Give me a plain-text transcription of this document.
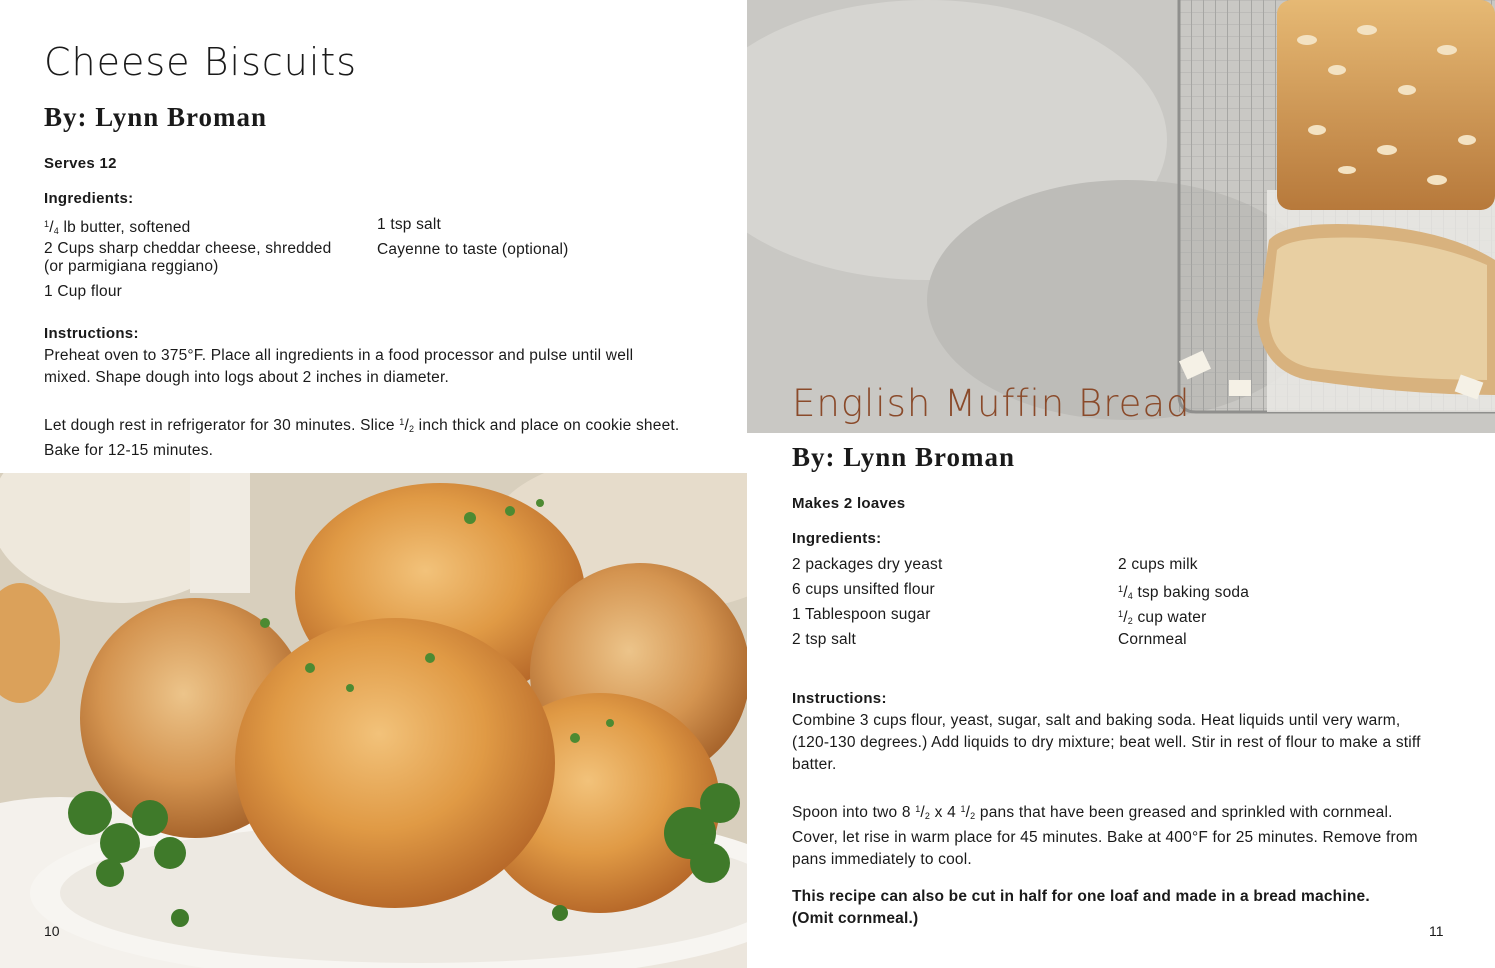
Cheese Biscuits
By: Lynn Broman
Serves 12
Ingredients:
$^1/_4$ lb butter, softened
2 Cups sharp cheddar cheese, shredded (or parmigiana reggiano)
1 Cup flour
1 tsp salt
Cayenne to taste (optional)
Instructions:
Preheat oven to 375°F. Place all ingredients in a food processor and pulse until well mixed. Shape dough into logs about 2 inches in diameter.
Let dough rest in refrigerator for 30 minutes. Slice $^1/_2$ inch thick and place on cookie sheet. Bake for 12-15 minutes.
10
English Muffin Bread
By: Lynn Broman
Makes 2 loaves
Ingredients:
2 packages dry yeast
6 cups unsifted flour
1 Tablespoon sugar
2 tsp salt
2 cups milk
$^1/_4$ tsp baking soda
$^1/_2$ cup water
Cornmeal
Instructions:
Combine 3 cups flour, yeast, sugar, salt and baking soda. Heat liquids until very warm, (120-130 degrees.) Add liquids to dry mixture; beat well. Stir in rest of flour to make a stiff batter.
Spoon into two 8 $^1/_2$ x 4 $^1/_2$ pans that have been greased and sprinkled with cornmeal. Cover, let rise in warm place for 45 minutes. Bake at 400°F for 25 minutes. Remove from pans immediately to cool.
This recipe can also be cut in half for one loaf and made in a bread machine. (Omit cornmeal.)
11
